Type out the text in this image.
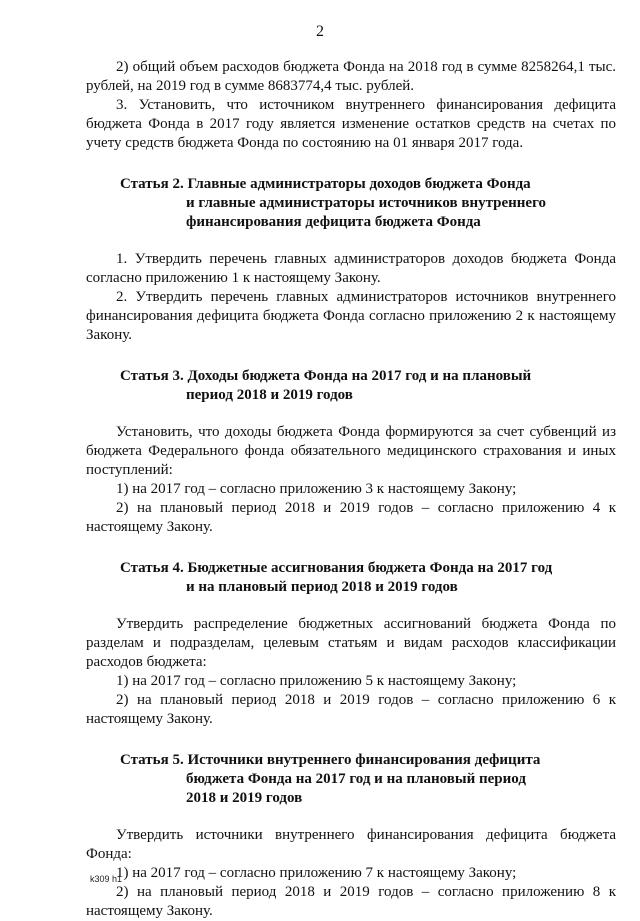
2

2) общий объем расходов бюджета Фонда на 2018 год в сумме 8258264,1 тыс. рублей, на 2019 год в сумме 8683774,4 тыс. рублей.

3. Установить, что источником внутреннего финансирования дефицита бюджета Фонда в 2017 году является изменение остатков средств на счетах по учету средств бюджета Фонда по состоянию на 01 января 2017 года.

Статья 2. Главные администраторы доходов бюджета Фонда
и главные администраторы источников внутреннего
финансирования дефицита бюджета Фонда

1. Утвердить перечень главных администраторов доходов бюджета Фонда согласно приложению 1 к настоящему Закону.

2. Утвердить перечень главных администраторов источников внутреннего финансирования дефицита бюджета Фонда согласно приложению 2 к настоящему Закону.

Статья 3. Доходы бюджета Фонда на 2017 год и на плановый
период 2018 и 2019 годов

Установить, что доходы бюджета Фонда формируются за счет субвенций из бюджета Федерального фонда обязательного медицинского страхования и иных поступлений:

1) на 2017 год – согласно приложению 3 к настоящему Закону;

2) на плановый период 2018 и 2019 годов – согласно приложению 4 к настоящему Закону.

Статья 4. Бюджетные ассигнования бюджета Фонда на 2017 год
и на плановый период 2018 и 2019 годов

Утвердить распределение бюджетных ассигнований бюджета Фонда по разделам и подразделам, целевым статьям и видам расходов классификации расходов бюджета:

1) на 2017 год – согласно приложению 5 к настоящему Закону;

2) на плановый период 2018 и 2019 годов – согласно приложению 6 к настоящему Закону.

Статья 5. Источники внутреннего финансирования дефицита
бюджета Фонда на 2017 год и на плановый период
2018 и 2019 годов

Утвердить источники внутреннего финансирования дефицита бюджета Фонда:

1) на 2017 год – согласно приложению 7 к настоящему Закону;

2) на плановый период 2018 и 2019 годов – согласно приложению 8 к настоящему Закону.

k309 h1
